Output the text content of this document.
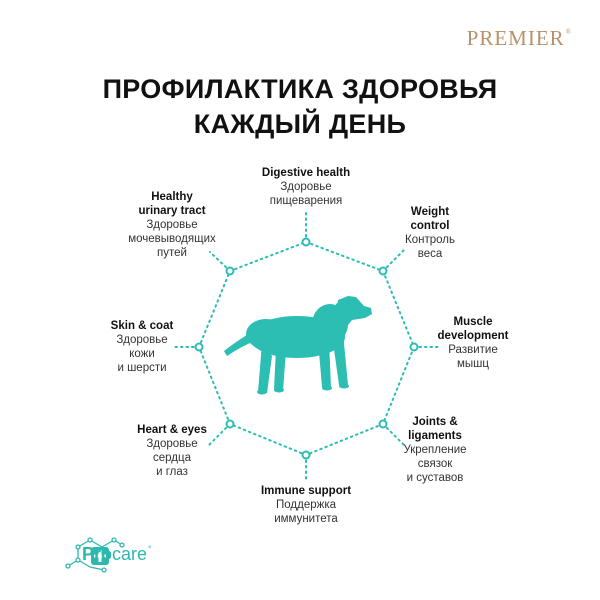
PREMIER®
ПРОФИЛАКТИКА ЗДОРОВЬЯ
КАЖДЫЙ ДЕНЬ
Digestive health
Здоровье
пищеварения
Weight
control
Контроль
веса
Muscle
development
Развитие
мышц
Joints &
ligaments
Укрепление
связок
и суставов
Immune support
Поддержка
иммунитета
Heart & eyes
Здоровье
сердца
и глаз
Skin & coat
Здоровье
кожи
и шерсти
Healthy
urinary tract
Здоровье
мочевыводящих
путей
Procare°
